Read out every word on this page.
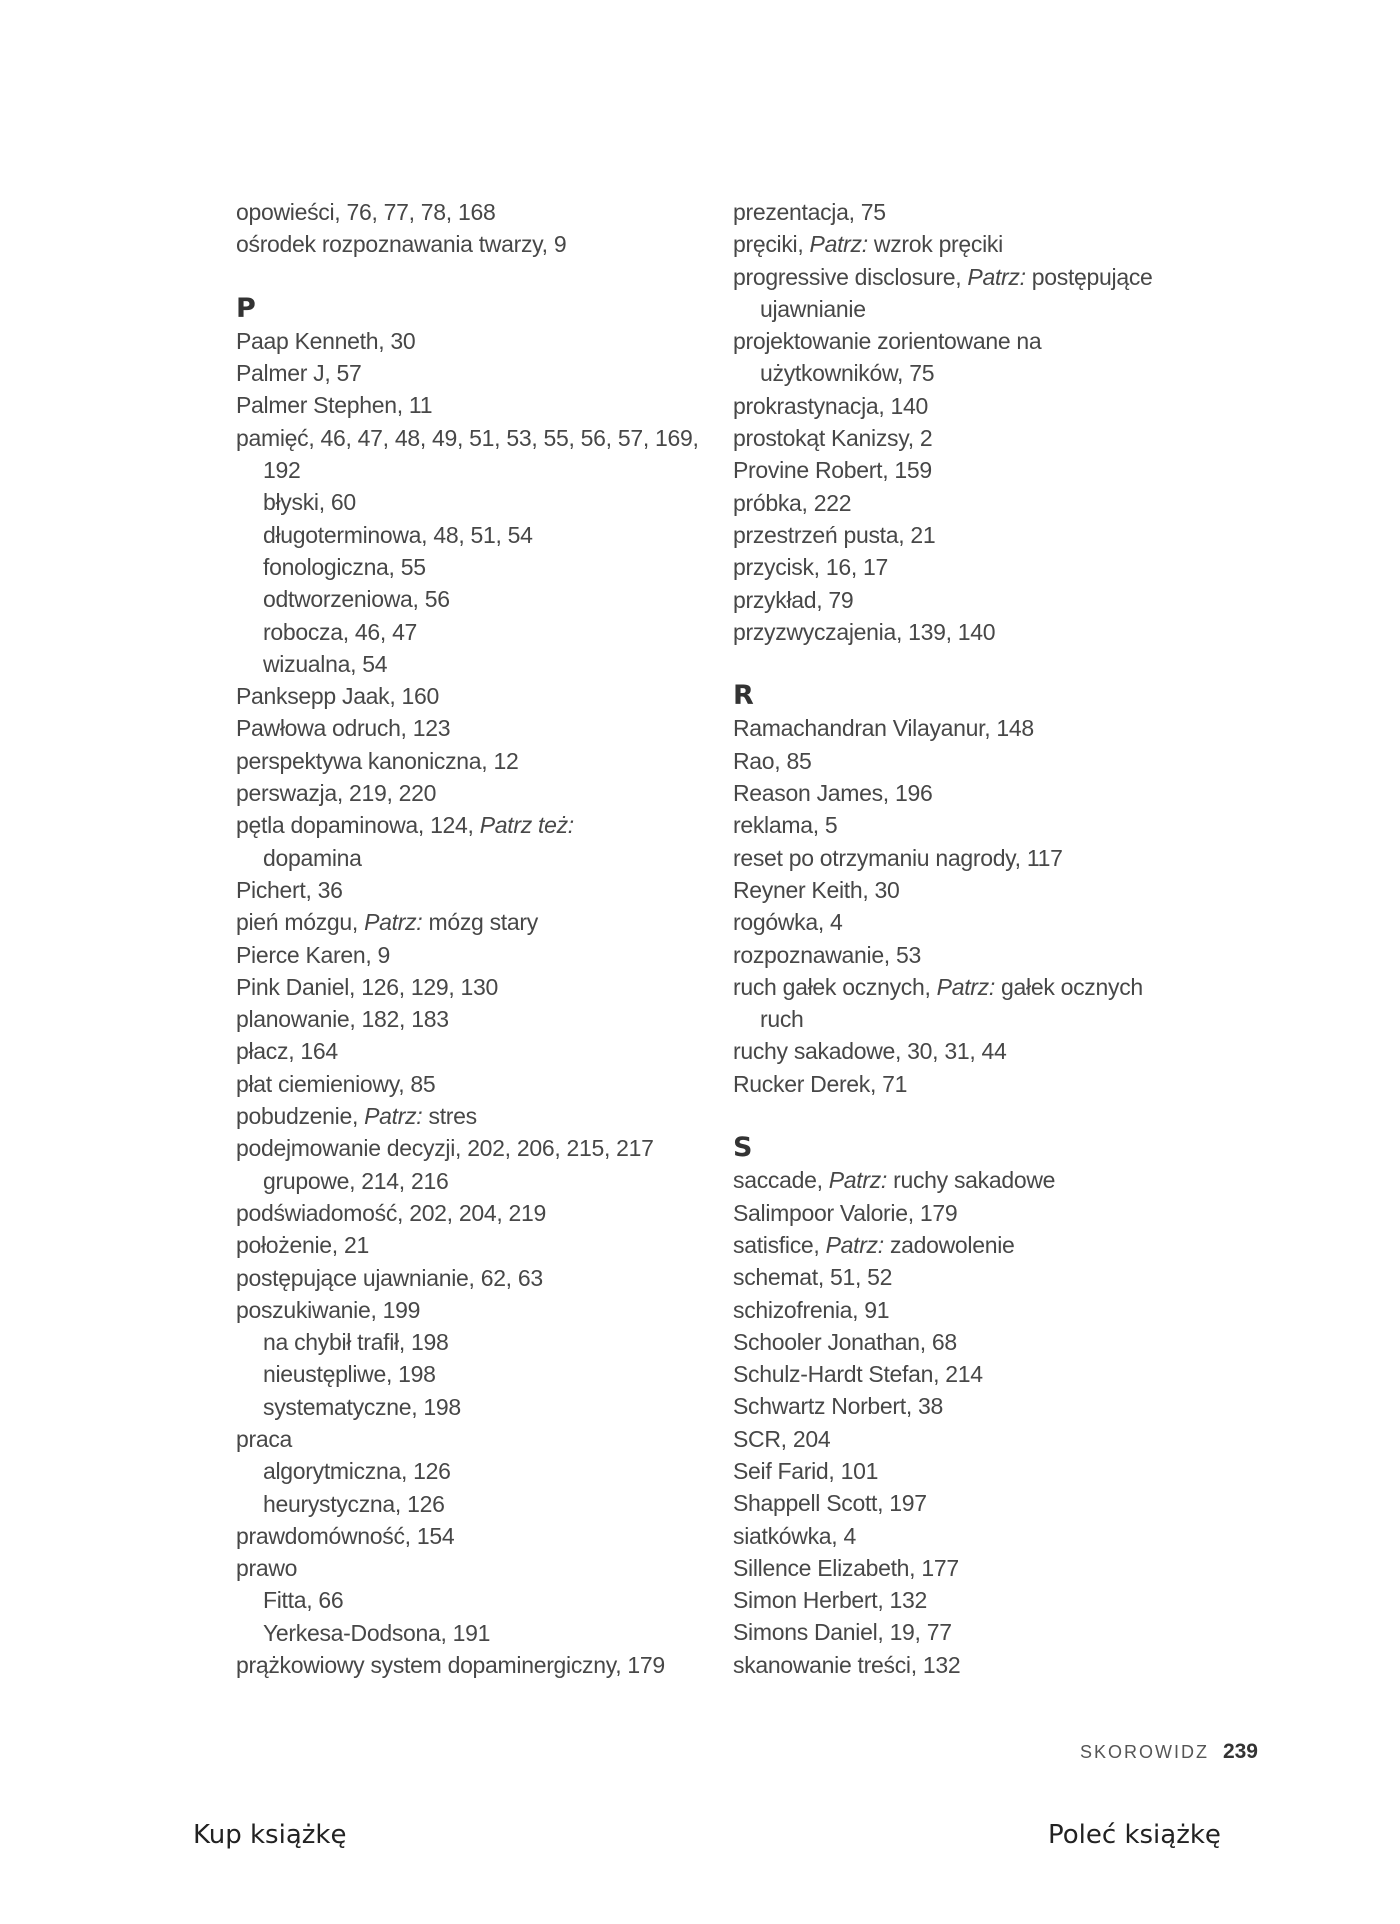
opowieści, 76, 77, 78, 168
ośrodek rozpoznawania twarzy, 9
P
Paap Kenneth, 30
Palmer J, 57
Palmer Stephen, 11
pamięć, 46, 47, 48, 49, 51, 53, 55, 56, 57, 169,
192
błyski, 60
długoterminowa, 48, 51, 54
fonologiczna, 55
odtworzeniowa, 56
robocza, 46, 47
wizualna, 54
Panksepp Jaak, 160
Pawłowa odruch, 123
perspektywa kanoniczna, 12
perswazja, 219, 220
pętla dopaminowa, 124, Patrz też:
dopamina
Pichert, 36
pień mózgu, Patrz: mózg stary
Pierce Karen, 9
Pink Daniel, 126, 129, 130
planowanie, 182, 183
płacz, 164
płat ciemieniowy, 85
pobudzenie, Patrz: stres
podejmowanie decyzji, 202, 206, 215, 217
grupowe, 214, 216
podświadomość, 202, 204, 219
położenie, 21
postępujące ujawnianie, 62, 63
poszukiwanie, 199
na chybił trafił, 198
nieustępliwe, 198
systematyczne, 198
praca
algorytmiczna, 126
heurystyczna, 126
prawdomówność, 154
prawo
Fitta, 66
Yerkesa-Dodsona, 191
prążkowiowy system dopaminergiczny, 179
prezentacja, 75
pręciki, Patrz: wzrok pręciki
progressive disclosure, Patrz: postępujące
ujawnianie
projektowanie zorientowane na
użytkowników, 75
prokrastynacja, 140
prostokąt Kanizsy, 2
Provine Robert, 159
próbka, 222
przestrzeń pusta, 21
przycisk, 16, 17
przykład, 79
przyzwyczajenia, 139, 140
R
Ramachandran Vilayanur, 148
Rao, 85
Reason James, 196
reklama, 5
reset po otrzymaniu nagrody, 117
Reyner Keith, 30
rogówka, 4
rozpoznawanie, 53
ruch gałek ocznych, Patrz: gałek ocznych
ruch
ruchy sakadowe, 30, 31, 44
Rucker Derek, 71
S
saccade, Patrz: ruchy sakadowe
Salimpoor Valorie, 179
satisfice, Patrz: zadowolenie
schemat, 51, 52
schizofrenia, 91
Schooler Jonathan, 68
Schulz-Hardt Stefan, 214
Schwartz Norbert, 38
SCR, 204
Seif Farid, 101
Shappell Scott, 197
siatkówka, 4
Sillence Elizabeth, 177
Simon Herbert, 132
Simons Daniel, 19, 77
skanowanie treści, 132
SKOROWIDZ 239
Kup książkę	Poleć książkę
